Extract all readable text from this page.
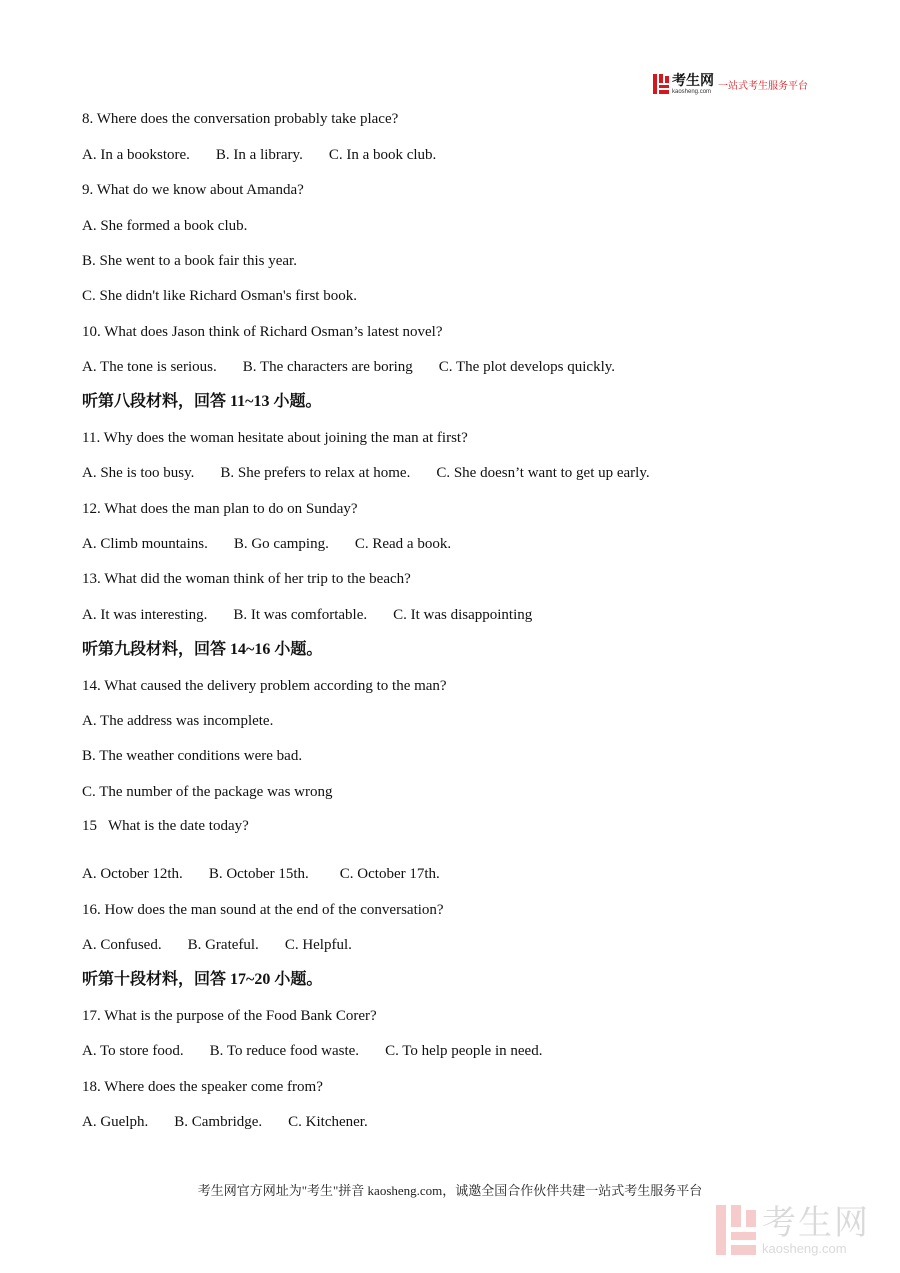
考生网
kaosheng.com 一站式考生服务平台
8. Where does the conversation probably take place?
A. In a bookstore. B. In a library. C. In a book club.
9. What do we know about Amanda?
A. She formed a book club.
B. She went to a book fair this year.
C. She didn't like Richard Osman's first book.
10. What does Jason think of Richard Osman’s latest novel?
A. The tone is serious. B. The characters are boring C. The plot develops quickly.
听第八段材料，回答 11~13 小题。
11. Why does the woman hesitate about joining the man at first?
A. She is too busy. B. She prefers to relax at home. C. She doesn’t want to get up early.
12. What does the man plan to do on Sunday?
A. Climb mountains. B. Go camping. C. Read a book.
13. What did the woman think of her trip to the beach?
A. It was interesting. B. It was comfortable. C. It was disappointing
听第九段材料，回答 14~16 小题。
14. What caused the delivery problem according to the man?
A. The address was incomplete.
B. The weather conditions were bad.
C. The number of the package was wrong
15   What is the date today?
A. October 12th. B. October 15th. C. October 17th.
16. How does the man sound at the end of the conversation?
A. Confused. B. Grateful. C. Helpful.
听第十段材料，回答 17~20 小题。
17. What is the purpose of the Food Bank Corer?
A. To store food. B. To reduce food waste. C. To help people in need.
18. Where does the speaker come from?
A. Guelph. B. Cambridge. C. Kitchener.
考生网官方网址为"考生"拼音 kaosheng.com，诚邀全国合作伙伴共建一站式考生服务平台
考生网
kaosheng.com
